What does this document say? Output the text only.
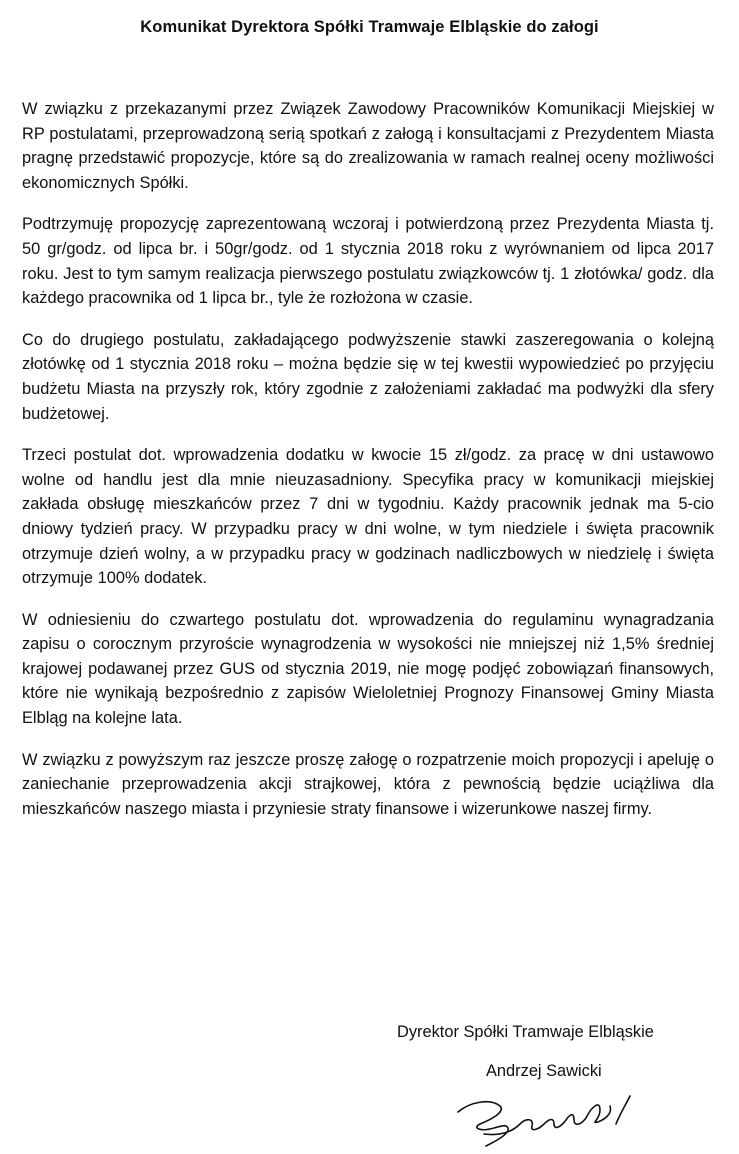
Komunikat Dyrektora Spółki Tramwaje Elbląskie do załogi

W związku z przekazanymi przez Związek Zawodowy Pracowników Komunikacji Miejskiej w RP postulatami, przeprowadzoną serią spotkań z załogą i konsultacjami z Prezydentem Miasta pragnę przedstawić propozycje, które są do zrealizowania w ramach realnej oceny możliwości ekonomicznych Spółki.

Podtrzymuję propozycję zaprezentowaną wczoraj i potwierdzoną przez Prezydenta Miasta tj. 50 gr/godz. od lipca br. i 50gr/godz. od 1 stycznia 2018 roku z wyrównaniem od lipca 2017 roku. Jest to tym samym realizacja pierwszego postulatu związkowców tj. 1 złotówka/ godz. dla każdego pracownika od 1 lipca br., tyle że rozłożona w czasie.

Co do drugiego postulatu, zakładającego podwyższenie stawki zaszeregowania o kolejną złotówkę od 1 stycznia 2018 roku – można będzie się w tej kwestii wypowiedzieć po przyjęciu budżetu Miasta na przyszły rok, który zgodnie z założeniami zakładać ma podwyżki dla sfery budżetowej.

Trzeci postulat dot. wprowadzenia dodatku w kwocie 15 zł/godz. za pracę w dni ustawowo wolne od handlu jest dla mnie nieuzasadniony. Specyfika pracy w komunikacji miejskiej zakłada obsługę mieszkańców przez 7 dni w tygodniu. Każdy pracownik jednak ma 5-cio dniowy tydzień pracy. W przypadku pracy w dni wolne, w tym niedziele i święta pracownik otrzymuje dzień wolny, a w przypadku pracy w godzinach nadliczbowych w niedzielę i święta otrzymuje 100% dodatek.

W odniesieniu do czwartego postulatu dot. wprowadzenia do regulaminu wynagradzania zapisu o corocznym przyroście wynagrodzenia w wysokości nie mniejszej niż 1,5% średniej krajowej podawanej przez GUS od stycznia 2019, nie mogę podjęć zobowiązań finansowych, które nie wynikają bezpośrednio z zapisów Wieloletniej Prognozy Finansowej Gminy Miasta Elbląg na kolejne lata.

W związku z powyższym raz jeszcze proszę załogę o rozpatrzenie moich propozycji i apeluję o zaniechanie przeprowadzenia akcji strajkowej, która z pewnością będzie uciążliwa dla mieszkańców naszego miasta i przyniesie straty finansowe i wizerunkowe naszej firmy.

Dyrektor Spółki Tramwaje Elbląskie
Andrzej Sawicki
